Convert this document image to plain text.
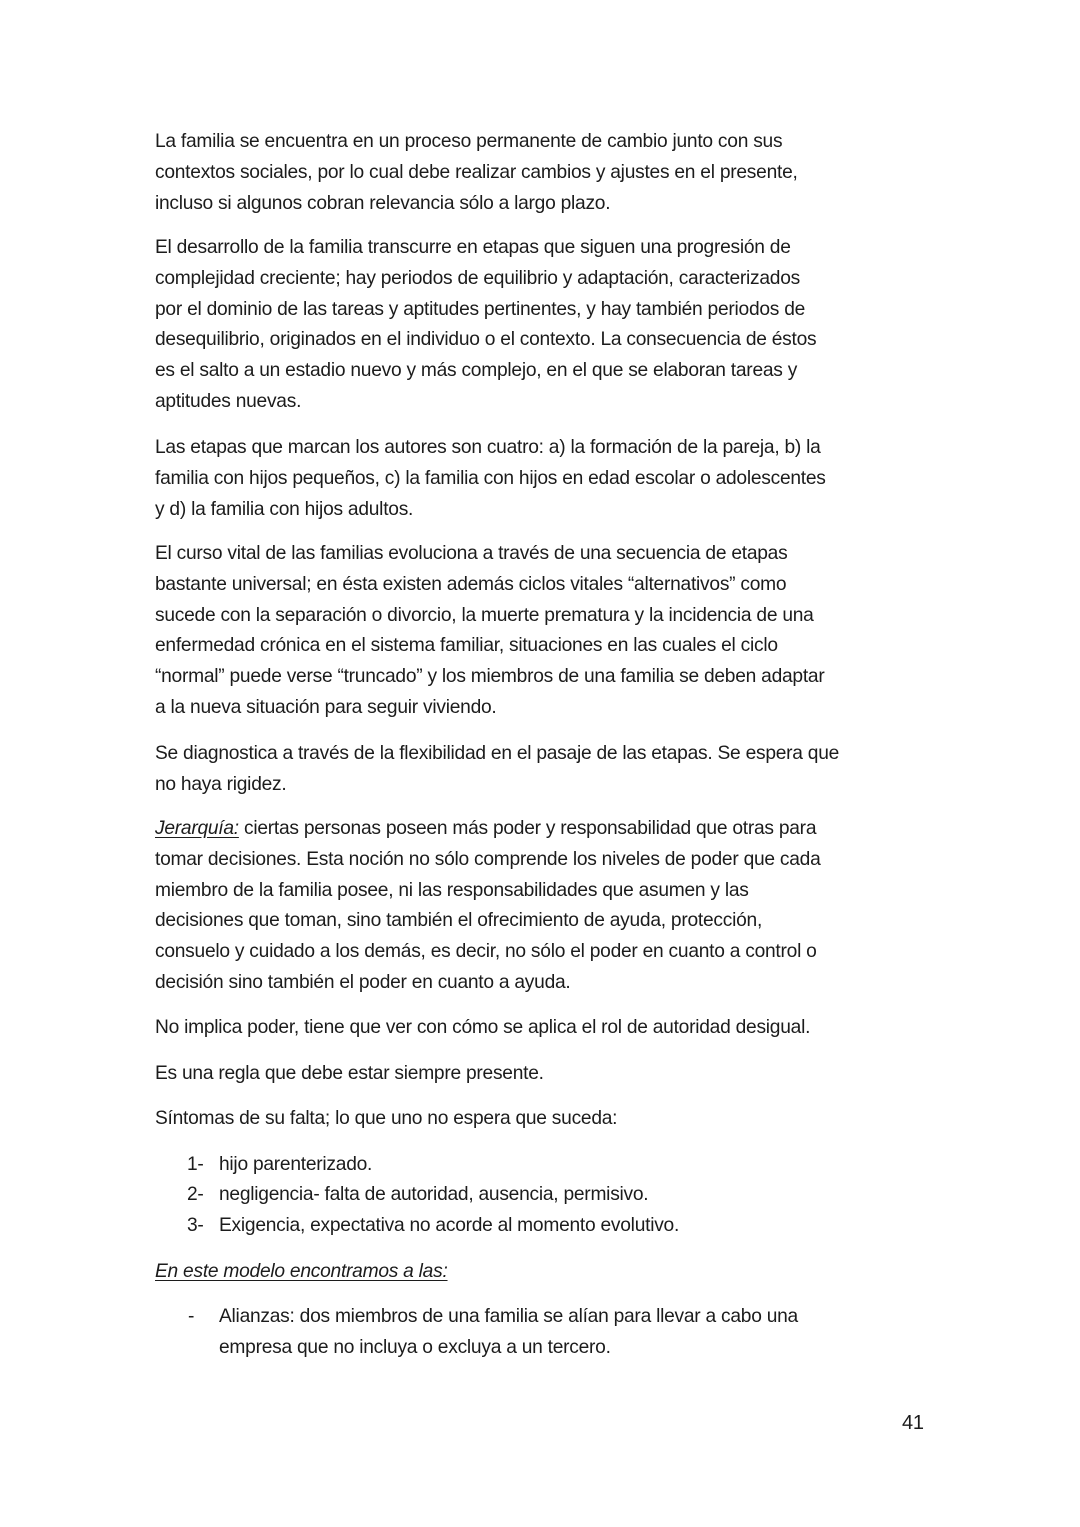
La familia se encuentra en un proceso permanente de cambio junto con sus
contextos sociales, por lo cual debe realizar cambios y ajustes en el presente,
incluso si algunos cobran relevancia sólo a largo plazo.
El desarrollo de la familia transcurre en etapas que siguen una progresión de
complejidad creciente; hay periodos de equilibrio y adaptación, caracterizados
por el dominio de las tareas y aptitudes pertinentes, y hay también periodos de
desequilibrio, originados en el individuo o el contexto. La consecuencia de éstos
es el salto a un estadio nuevo y más complejo, en el que se elaboran tareas y
aptitudes nuevas.
Las etapas que marcan los autores son cuatro: a) la formación de la pareja, b) la
familia con hijos pequeños, c) la familia con hijos en edad escolar o adolescentes
y d) la familia con hijos adultos.
El curso vital de las familias evoluciona a través de una secuencia de etapas
bastante universal; en ésta existen además ciclos vitales “alternativos” como
sucede con la separación o divorcio, la muerte prematura y la incidencia de una
enfermedad crónica en el sistema familiar, situaciones en las cuales el ciclo
“normal” puede verse “truncado” y los miembros de una familia se deben adaptar
a la nueva situación para seguir viviendo.
Se diagnostica a través de la flexibilidad en el pasaje de las etapas. Se espera que
no haya rigidez.
Jerarquía: ciertas personas poseen más poder y responsabilidad que otras para
tomar decisiones. Esta noción no sólo comprende los niveles de poder que cada
miembro de la familia posee, ni las responsabilidades que asumen y las
decisiones que toman, sino también el ofrecimiento de ayuda, protección,
consuelo y cuidado a los demás, es decir, no sólo el poder en cuanto a control o
decisión sino también el poder en cuanto a ayuda.
No implica poder, tiene que ver con cómo se aplica el rol de autoridad desigual.
Es una regla que debe estar siempre presente.
Síntomas de su falta; lo que uno no espera que suceda:
1- hijo parenterizado.
2- negligencia- falta de autoridad, ausencia, permisivo.
3- Exigencia, expectativa no acorde al momento evolutivo.
En este modelo encontramos a las:
- Alianzas: dos miembros de una familia se alían para llevar a cabo una
empresa que no incluya o excluya a un tercero.
41
